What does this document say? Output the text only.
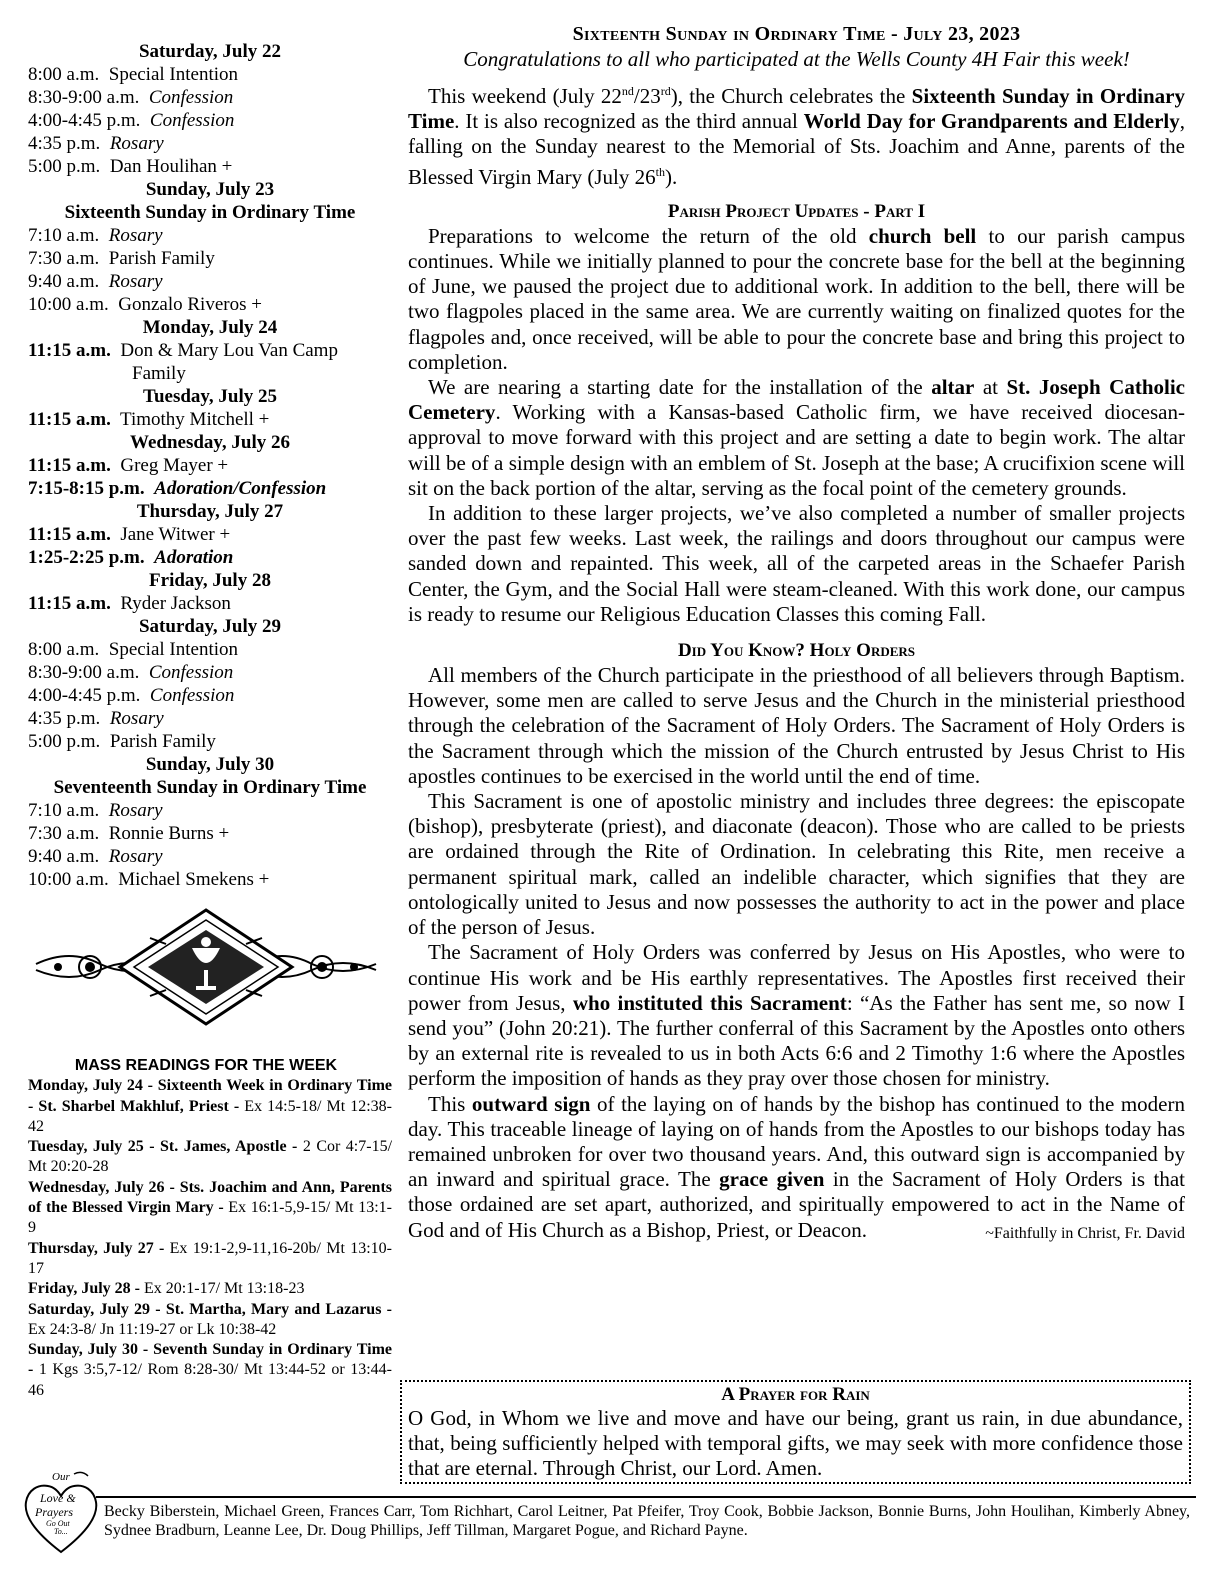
Saturday, July 22
8:00 a.m. Special Intention
8:30-9:00 a.m. Confession
4:00-4:45 p.m. Confession
4:35 p.m. Rosary
5:00 p.m. Dan Houlihan +
Sunday, July 23
Sixteenth Sunday in Ordinary Time
7:10 a.m. Rosary
7:30 a.m. Parish Family
9:40 a.m. Rosary
10:00 a.m. Gonzalo Riveros +
Monday, July 24
11:15 a.m. Don & Mary Lou Van Camp
Family
Tuesday, July 25
11:15 a.m. Timothy Mitchell +
Wednesday, July 26
11:15 a.m. Greg Mayer +
7:15-8:15 p.m. Adoration/Confession
Thursday, July 27
11:15 a.m. Jane Witwer +
1:25-2:25 p.m. Adoration
Friday, July 28
11:15 a.m. Ryder Jackson
Saturday, July 29
8:00 a.m. Special Intention
8:30-9:00 a.m. Confession
4:00-4:45 p.m. Confession
4:35 p.m. Rosary
5:00 p.m.  Parish Family
Sunday, July 30
Seventeenth Sunday in Ordinary Time
7:10 a.m. Rosary
7:30 a.m. Ronnie Burns +
9:40 a.m. Rosary
10:00 a.m. Michael Smekens +
MASS READINGS FOR THE WEEK
Monday, July 24 - Sixteenth Week in Ordinary Time - St. Sharbel Makhluf, Priest - Ex 14:5-18/ Mt 12:38-42
Tuesday, July 25 - St. James, Apostle - 2 Cor 4:7-15/ Mt 20:20-28
Wednesday, July 26 - Sts. Joachim and Ann, Parents of the Blessed Virgin Mary - Ex 16:1-5,9-15/ Mt 13:1-9
Thursday, July 27 - Ex 19:1-2,9-11,16-20b/ Mt 13:10-17
Friday, July 28 - Ex 20:1-17/ Mt 13:18-23
Saturday, July 29 - St. Martha, Mary and Lazarus - Ex 24:3-8/ Jn 11:19-27 or Lk 10:38-42
Sunday, July 30 - Seventh Sunday in Ordinary Time - 1 Kgs 3:5,7-12/ Rom 8:28-30/ Mt 13:44-52 or 13:44-46
Sixteenth Sunday in Ordinary Time - July 23, 2023
Congratulations to all who participated at the Wells County 4H Fair this week!
This weekend (July 22nd/23rd), the Church celebrates the Sixteenth Sunday in Ordinary Time. It is also recognized as the third annual World Day for Grandparents and Elderly, falling on the Sunday nearest to the Memorial of Sts. Joachim and Anne, parents of the Blessed Virgin Mary (July 26th).
Parish Project Updates - Part I
Preparations to welcome the return of the old church bell to our parish campus continues. While we initially planned to pour the concrete base for the bell at the beginning of June, we paused the project due to additional work. In addition to the bell, there will be two flagpoles placed in the same area. We are currently waiting on finalized quotes for the flagpoles and, once received, will be able to pour the concrete base and bring this project to completion.
We are nearing a starting date for the installation of the altar at St. Joseph Catholic Cemetery. Working with a Kansas-based Catholic firm, we have received diocesan-approval to move forward with this project and are setting a date to begin work. The altar will be of a simple design with an emblem of St. Joseph at the base; A crucifixion scene will sit on the back portion of the altar, serving as the focal point of the cemetery grounds.
In addition to these larger projects, we’ve also completed a number of smaller projects over the past few weeks. Last week, the railings and doors throughout our campus were sanded down and repainted. This week, all of the carpeted areas in the Schaefer Parish Center, the Gym, and the Social Hall were steam-cleaned. With this work done, our campus is ready to resume our Religious Education Classes this coming Fall.
Did You Know? Holy Orders
All members of the Church participate in the priesthood of all believers through Baptism. However, some men are called to serve Jesus and the Church in the ministerial priesthood through the celebration of the Sacrament of Holy Orders. The Sacrament of Holy Orders is the Sacrament through which the mission of the Church entrusted by Jesus Christ to His apostles continues to be exercised in the world until the end of time.
This Sacrament is one of apostolic ministry and includes three degrees: the episcopate (bishop), presbyterate (priest), and diaconate (deacon). Those who are called to be priests are ordained through the Rite of Ordination. In celebrating this Rite, men receive a permanent spiritual mark, called an indelible character, which signifies that they are ontologically united to Jesus and now possesses the authority to act in the power and place of the person of Jesus.
The Sacrament of Holy Orders was conferred by Jesus on His Apostles, who were to continue His work and be His earthly representatives. The Apostles first received their power from Jesus, who instituted this Sacrament: “As the Father has sent me, so now I send you” (John 20:21). The further conferral of this Sacrament by the Apostles onto others by an external rite is revealed to us in both Acts 6:6 and 2 Timothy 1:6 where the Apostles perform the imposition of hands as they pray over those chosen for ministry.
This outward sign of the laying on of hands by the bishop has continued to the modern day. This traceable lineage of laying on of hands from the Apostles to our bishops today has remained unbroken for over two thousand years. And, this outward sign is accompanied by an inward and spiritual grace. The grace given in the Sacrament of Holy Orders is that those ordained are set apart, authorized, and spiritually empowered to act in the Name of God and of His Church as a Bishop, Priest, or Deacon.	~Faithfully in Christ, Fr. David
A Prayer for Rain
O God, in Whom we live and move and have our being, grant us rain, in due abundance, that, being sufficiently helped with temporal gifts, we may seek with more confidence those that are eternal. Through Christ, our Lord. Amen.
Our
Love &
Prayers
Go Out
To...
Becky Biberstein, Michael Green, Frances Carr, Tom Richhart, Carol Leitner, Pat Pfeifer, Troy Cook, Bobbie Jackson, Bonnie Burns, John Houlihan, Kimberly Abney, Sydnee Bradburn, Leanne Lee, Dr. Doug Phillips, Jeff Tillman, Margaret Pogue, and Richard Payne.
